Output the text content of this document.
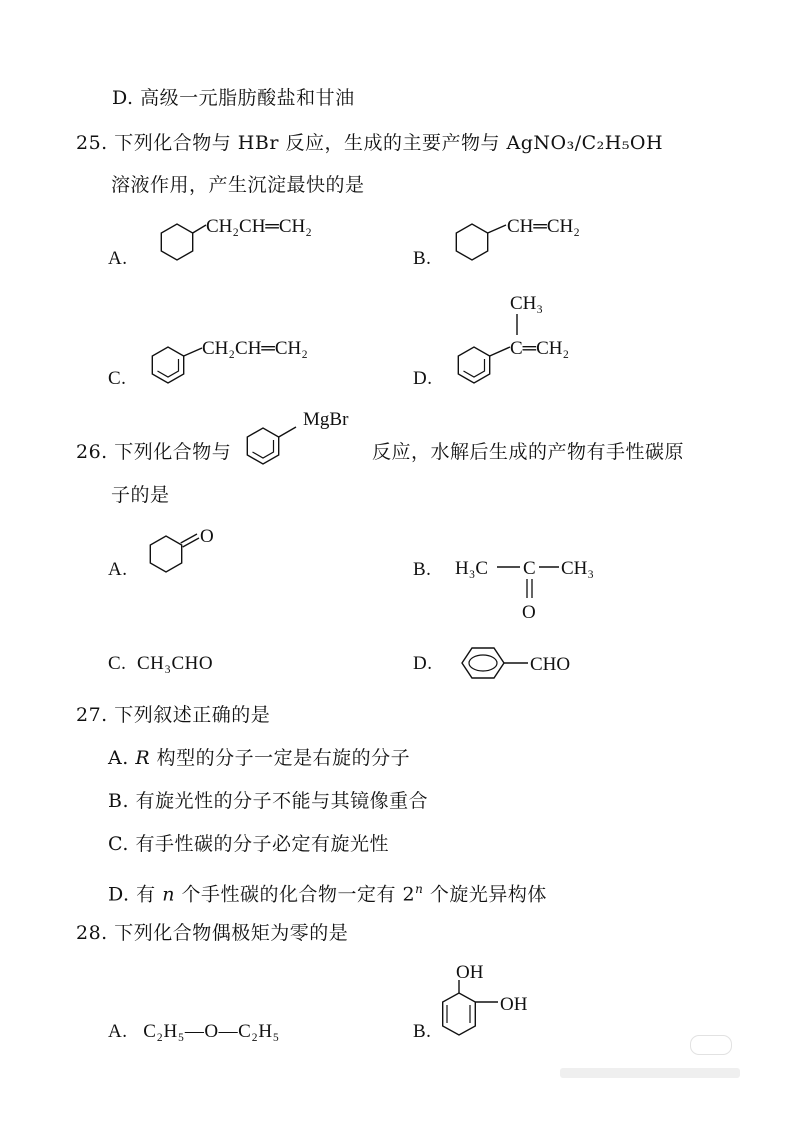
D. 高级一元脂肪酸盐和甘油
25. 下列化合物与 HBr 反应，生成的主要产物与 AgNO₃/C₂H₅OH
溶液作用，产生沉淀最快的是
A.
CH₂CH═CH₂
B.
CH═CH₂
C.
CH₂CH═CH₂
D.
CH₃
C═CH₂
26. 下列化合物与
MgBr
反应，水解后生成的产物有手性碳原
子的是
A.
O
B. H₃C C CH₃
O
C. CH₃CHO	D.	CHO
27. 下列叙述正确的是
A. R 构型的分子一定是右旋的分子
B. 有旋光性的分子不能与其镜像重合
C. 有手性碳的分子必定有旋光性
D. 有 n 个手性碳的化合物一定有 2$^n$ 个旋光异构体
28. 下列化合物偶极矩为零的是
A. C₂H₅—O—C₂H₅	B.
OH
OH
